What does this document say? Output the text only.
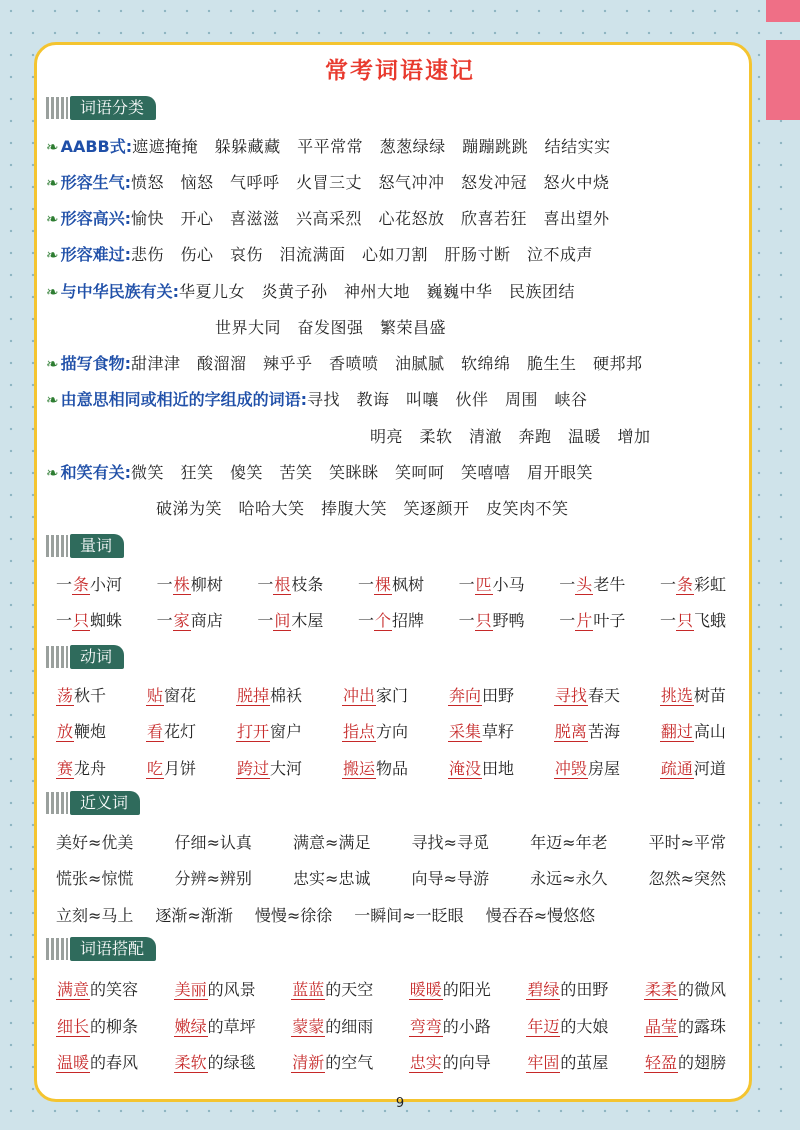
常考词语速记
词语分类
❧ AABB式:遮遮掩掩　躲躲藏藏　平平常常　葱葱绿绿　蹦蹦跳跳　结结实实
❧ 形容生气:愤怒　恼怒　气呼呼　火冒三丈　怒气冲冲　怒发冲冠　怒火中烧
❧ 形容高兴:愉快　开心　喜滋滋　兴高采烈　心花怒放　欣喜若狂　喜出望外
❧ 形容难过:悲伤　伤心　哀伤　泪流满面　心如刀割　肝肠寸断　泣不成声
❧ 与中华民族有关:华夏儿女　炎黄子孙　神州大地　巍巍中华　民族团结
世界大同　奋发图强　繁荣昌盛
❧ 描写食物:甜津津　酸溜溜　辣乎乎　香喷喷　油腻腻　软绵绵　脆生生　硬邦邦
❧ 由意思相同或相近的字组成的词语:寻找　教诲　叫嚷　伙伴　周围　峡谷
明亮　柔软　清澈　奔跑　温暖　增加
❧ 和笑有关:微笑　狂笑　傻笑　苦笑　笑眯眯　笑呵呵　笑嘻嘻　眉开眼笑
破涕为笑　哈哈大笑　捧腹大笑　笑逐颜开　皮笑肉不笑
量词
一条小河 一株柳树 一根枝条 一棵枫树 一匹小马 一头老牛 一条彩虹
一只蜘蛛 一家商店 一间木屋 一个招牌 一只野鸭 一片叶子 一只飞蛾
动词
荡秋千	贴窗花	脱掉棉袄	冲出家门	奔向田野	寻找春天	挑选树苗
放鞭炮	看花灯	打开窗户	指点方向	采集草籽	脱离苦海	翻过高山
赛龙舟	吃月饼	跨过大河	搬运物品	淹没田地	冲毁房屋	疏通河道
近义词
美好≈优美	仔细≈认真	满意≈满足	寻找≈寻觅	年迈≈年老	平时≈平常
慌张≈惊慌	分辨≈辨别	忠实≈忠诚	向导≈导游	永远≈永久	忽然≈突然
立刻≈马上 逐渐≈渐渐 慢慢≈徐徐 一瞬间≈一眨眼 慢吞吞≈慢悠悠
词语搭配
满意的笑容 美丽的风景 蓝蓝的天空 暖暖的阳光 碧绿的田野 柔柔的微风
细长的柳条 嫩绿的草坪 蒙蒙的细雨 弯弯的小路 年迈的大娘 晶莹的露珠
温暖的春风 柔软的绿毯 清新的空气 忠实的向导 牢固的茧屋 轻盈的翅膀
9
